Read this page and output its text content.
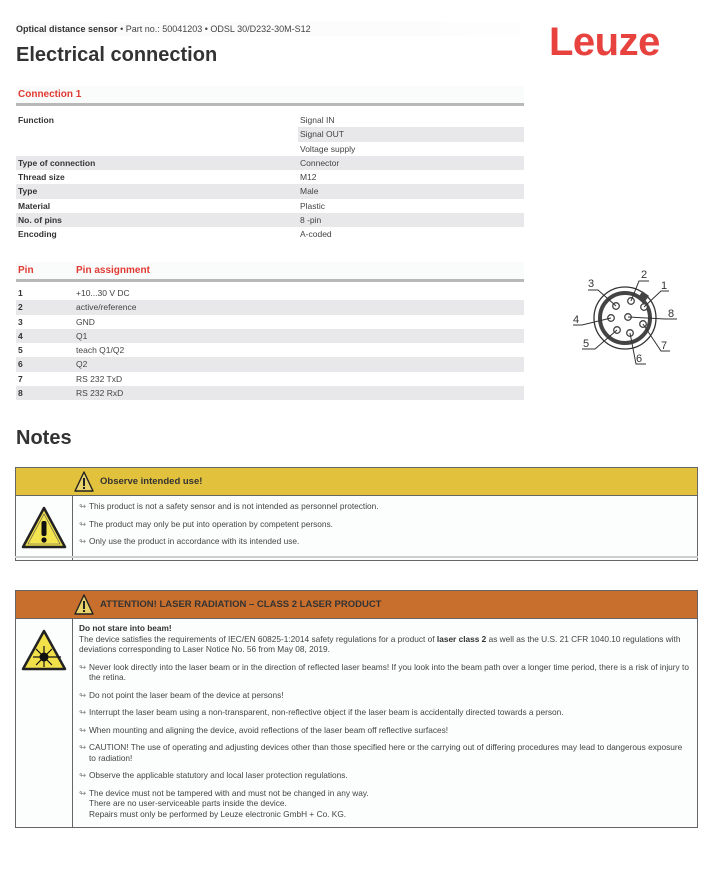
Optical distance sensor • Part no.: 50041203 • ODSL 30/D232-30M-S12
Electrical connection	Leuze
Connection 1
Function	Signal IN
Signal OUT
Voltage supply
Type of connection	Connector
Thread size	M12
Type	Male
Material	Plastic
No. of pins	8 -pin
Encoding	A-coded
Pin	Pin assignment
1	+10...30 V DC
2	active/reference
3	GND
4	Q1
5	teach Q1/Q2
6	Q2
7	RS 232 TxD
8	RS 232 RxD
1
2
3
4
5
6
7
8
Notes
Observe intended use!

↬ This product is not a safety sensor and is not intended as personnel protection.

↬ The product may only be put into operation by competent persons.

↬ Only use the product in accordance with its intended use.

ATTENTION! LASER RADIATION – CLASS 2 LASER PRODUCT

Do not stare into beam!
The device satisfies the requirements of IEC/EN 60825-1:2014 safety regulations for a product of laser class 2 as well as the U.S. 21 CFR 1040.10 regulations with deviations corresponding to Laser Notice No. 56 from May 08, 2019.

↬ Never look directly into the laser beam or in the direction of reflected laser beams! If you look into the beam path over a longer time period, there is a risk of injury to the retina.

↬ Do not point the laser beam of the device at persons!

↬ Interrupt the laser beam using a non-transparent, non-reflective object if the laser beam is accidentally directed towards a person.

↬ When mounting and aligning the device, avoid reflections of the laser beam off reflective surfaces!

↬ CAUTION! The use of operating and adjusting devices other than those specified here or the carrying out of differing procedures may lead to dangerous exposure to radiation!

↬ Observe the applicable statutory and local laser protection regulations.

↬ The device must not be tampered with and must not be changed in any way.
There are no user-serviceable parts inside the device.
Repairs must only be performed by Leuze electronic GmbH + Co. KG.
